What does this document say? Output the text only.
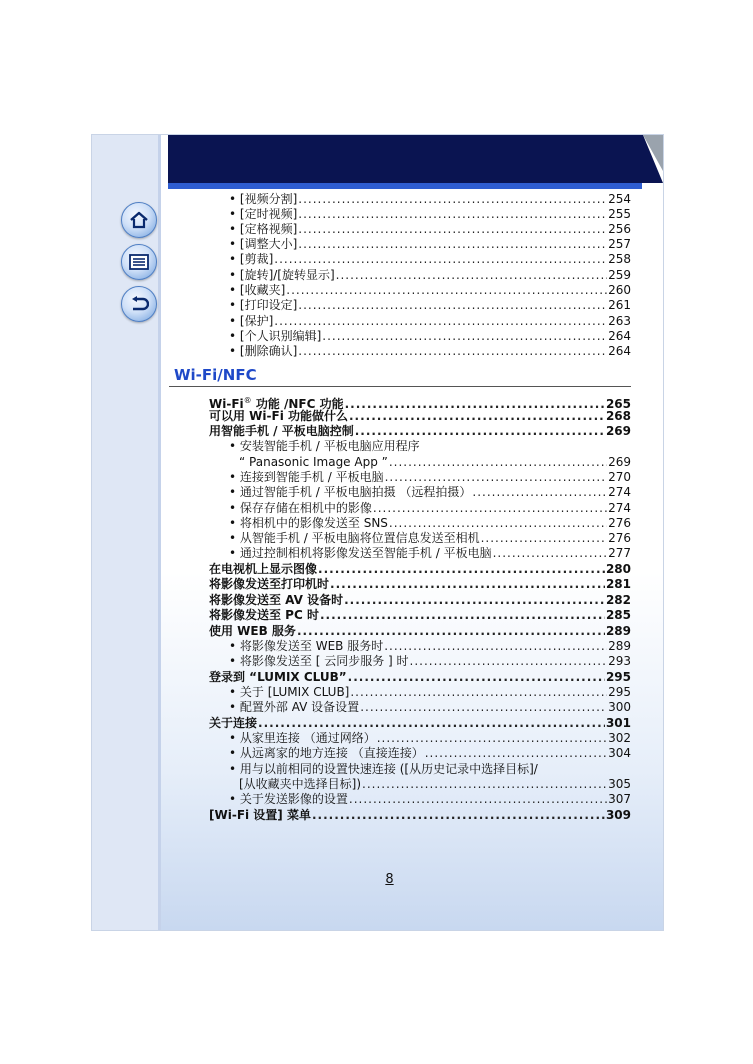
• [视频分割] .....	254
• [定时视频] .....	255
• [定格视频] .....	256
• [调整大小] .....	257
• [剪裁] .....	258
• [旋转]/[旋转显示] .....	259
• [收藏夹] .....	260
• [打印设定] .....	261
• [保护] .....	263
• [个人识别编辑] .....	264
• [删除确认] .....	264
Wi-Fi/NFC
Wi-Fi® 功能 /NFC 功能 .....	265
可以用 Wi-Fi 功能做什么 .....	268
用智能手机 / 平板电脑控制 .....	269
• 安装智能手机 / 平板电脑应用程序
“ Panasonic Image App ” .....	269
• 连接到智能手机 / 平板电脑 .....	270
• 通过智能手机 / 平板电脑拍摄 （远程拍摄） .....	274
• 保存存储在相机中的影像 .....	274
• 将相机中的影像发送至 SNS .....	276
• 从智能手机 / 平板电脑将位置信息发送至相机 .....	276
• 通过控制相机将影像发送至智能手机 / 平板电脑 .....	277
在电视机上显示图像 .....	280
将影像发送至打印机时 .....	281
将影像发送至 AV 设备时 .....	282
将影像发送至 PC 时 .....	285
使用 WEB 服务 .....	289
• 将影像发送至 WEB 服务时 .....	289
• 将影像发送至 [ 云同步服务 ] 时 .....	293
登录到 “LUMIX CLUB” .....	295
• 关于 [LUMIX CLUB] .....	295
• 配置外部 AV 设备设置 .....	300
关于连接 .....	301
• 从家里连接 （通过网络） .....	302
• 从远离家的地方连接 （直接连接） .....	304
• 用与以前相同的设置快速连接 ([从历史记录中选择目标]/
[从收藏夹中选择目标]) .....	305
• 关于发送影像的设置 .....	307
[Wi-Fi 设置] 菜单 .....	309
8
